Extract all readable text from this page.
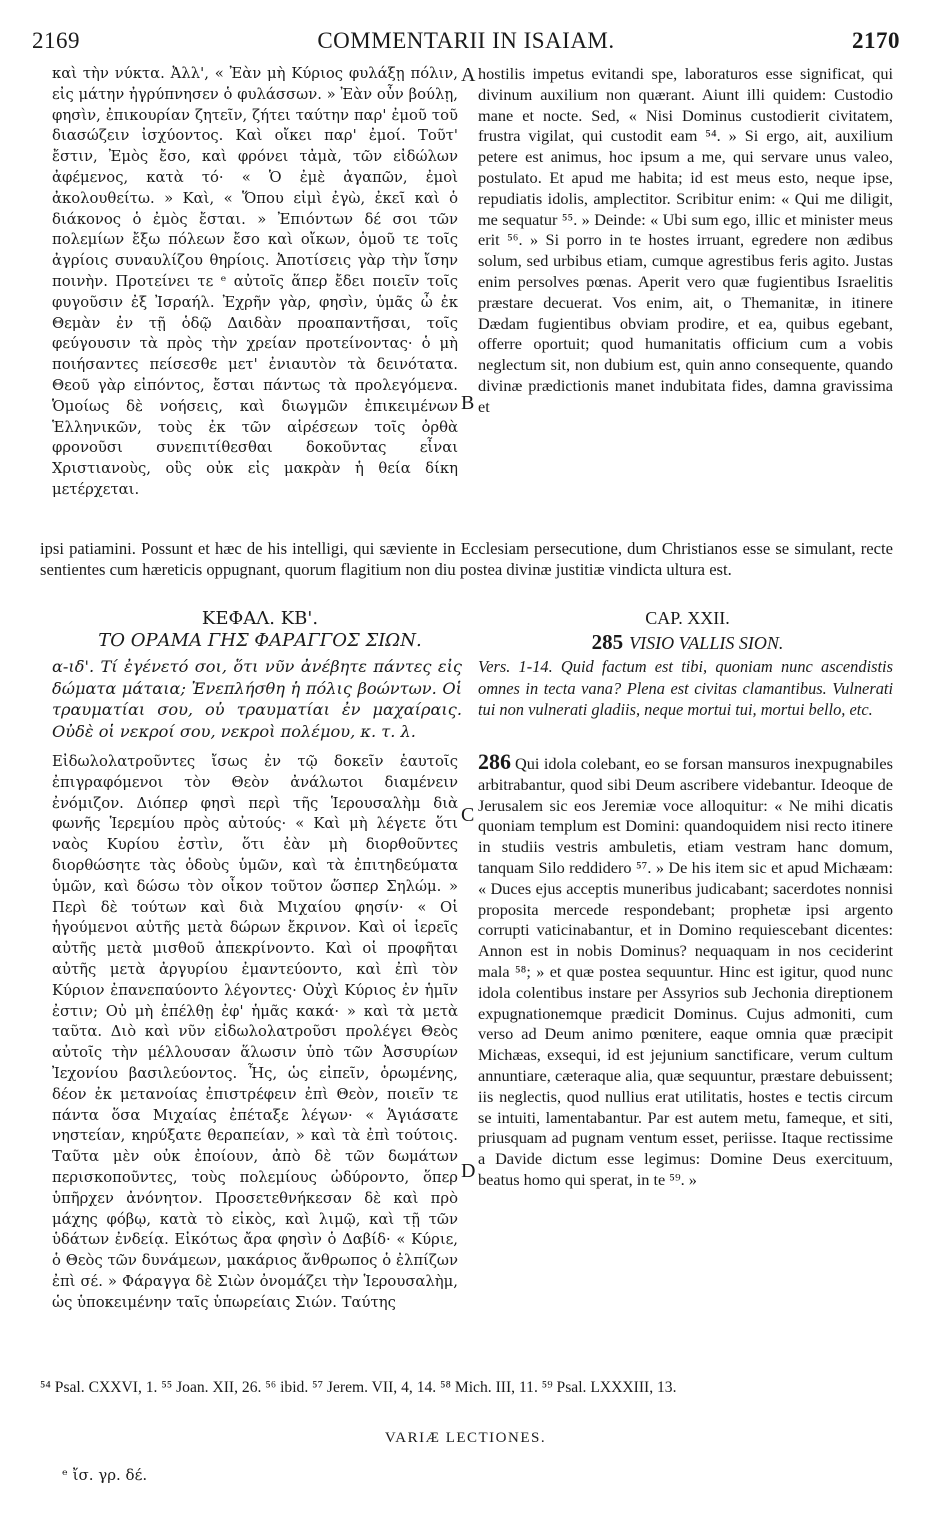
2169	COMMENTARII IN ISAIAM.	2170

καὶ τὴν νύκτα. Ἀλλ', « Ἐὰν μὴ Κύριος φυλάξῃ πόλιν, εἰς μάτην ἠγρύπνησεν ὁ φυλάσσων. » Ἐὰν οὖν βούλῃ, φησὶν, ἐπικουρίαν ζητεῖν, ζήτει ταύτην παρ' ἐμοῦ τοῦ διασώζειν ἰσχύοντος. Καὶ οἴκει παρ' ἐμοί. Τοῦτ' ἔστιν, Ἐμὸς ἔσο, καὶ φρόνει τἀμὰ, τῶν εἰδώλων ἀφέμενος, κατὰ τό· « Ὁ ἐμὲ ἀγαπῶν, ἐμοὶ ἀκολουθείτω. » Καὶ, « Ὅπου εἰμὶ ἐγὼ, ἐκεῖ καὶ ὁ διάκονος ὁ ἐμὸς ἔσται. » Ἐπιόντων δέ σοι τῶν πολεμίων ἔξω πόλεων ἔσο καὶ οἴκων, ὁμοῦ τε τοῖς ἀγρίοις συναυλίζου θηρίοις. Ἀποτίσεις γὰρ τὴν ἴσην ποινὴν. Προτείνει τε ᵉ αὐτοῖς ἅπερ ἔδει ποιεῖν τοῖς φυγοῦσιν ἐξ Ἰσραήλ. Ἐχρῆν γὰρ, φησὶν, ὑμᾶς ὦ ἐκ Θεμὰν ἐν τῇ ὁδῷ Δαιδὰν προαπαντῆσαι, τοῖς φεύγουσιν τὰ πρὸς τὴν χρείαν προτείνοντας· ὁ μὴ ποιήσαντες πείσεσθε μετ' ἐνιαυτὸν τὰ δεινότατα. Θεοῦ γὰρ εἰπόντος, ἔσται πάντως τὰ προλεγόμενα. Ὁμοίως δὲ νοήσεις, καὶ διωγμῶν ἐπικειμένων Ἑλληνικῶν, τοὺς ἐκ τῶν αἱρέσεων τοῖς ὀρθὰ φρονοῦσι συνεπιτίθεσθαι δοκοῦντας εἶναι Χριστιανοὺς, οὓς οὐκ εἰς μακρὰν ἡ θεία δίκη μετέρχεται.

hostilis impetus evitandi spe, laboraturos esse significat, qui divinum auxilium non quærant. Aiunt illi quidem: Custodio mane et nocte. Sed, « Nisi Dominus custodierit civitatem, frustra vigilat, qui custodit eam ⁵⁴. » Si ergo, ait, auxilium petere est animus, hoc ipsum a me, qui servare unus valeo, postulato. Et apud me habita; id est meus esto, neque ipse, repudiatis idolis, amplectitor. Scribitur enim: « Qui me diligit, me sequatur ⁵⁵. » Deinde: « Ubi sum ego, illic et minister meus erit ⁵⁶. » Si porro in te hostes irruant, egredere non ædibus solum, sed urbibus etiam, cumque agrestibus feris agito. Justas enim persolves pœnas. Aperit vero quæ fugientibus Israelitis præstare decuerat. Vos enim, ait, o Themanitæ, in itinere Dædam fugientibus obviam prodire, et ea, quibus egebant, offerre oportuit; quod humanitatis officium cum a vobis neglectum sit, non dubium est, quin anno consequente, quando divinæ prædictionis manet indubitata fides, damna gravissima et

ipsi patiamini. Possunt et hæc de his intelligi, qui sæviente in Ecclesiam persecutione, dum Christianos esse se simulant, recte sentientes cum hæreticis oppugnant, quorum flagitium non diu postea divinæ justitiæ vindicta ultura est.

A
B
C
D
ΚΕΦΑΛ. ΚΒ'.
ΤΟ ΟΡΑΜΑ ΓΗΣ ΦΑΡΑΓΓΟΣ ΣΙΩΝ.
CAP. XXII.
285 VISIO VALLIS SION.

α-ιδ'. Τί ἐγένετό σοι, ὅτι νῦν ἀνέβητε πάντες εἰς δώματα μάταια; Ἐνεπλήσθη ἡ πόλις βοώντων. Οἱ τραυματίαι σου, οὐ τραυματίαι ἐν μαχαίραις. Οὐδὲ οἱ νεκροί σου, νεκροὶ πολέμου, κ. τ. λ.

Vers. 1-14. Quid factum est tibi, quoniam nunc ascendistis omnes in tecta vana? Plena est civitas clamantibus. Vulnerati tui non vulnerati gladiis, neque mortui tui, mortui bello, etc.

Εἰδωλολατροῦντες ἴσως ἐν τῷ δοκεῖν ἑαυτοῖς ἐπιγραφόμενοι τὸν Θεὸν ἀνάλωτοι διαμένειν ἐνόμιζον. Διόπερ φησὶ περὶ τῆς Ἱερουσαλὴμ διὰ φωνῆς Ἱερεμίου πρὸς αὐτούς· « Καὶ μὴ λέγετε ὅτι ναὸς Κυρίου ἐστὶν, ὅτι ἐὰν μὴ διορθοῦντες διορθώσητε τὰς ὁδοὺς ὑμῶν, καὶ τὰ ἐπιτηδεύματα ὑμῶν, καὶ δώσω τὸν οἶκον τοῦτον ὥσπερ Σηλώμ. » Περὶ δὲ τούτων καὶ διὰ Μιχαίου φησίν· « Οἱ ἡγούμενοι αὐτῆς μετὰ δώρων ἔκρινον. Καὶ οἱ ἱερεῖς αὐτῆς μετὰ μισθοῦ ἀπεκρίνοντο. Καὶ οἱ προφῆται αὐτῆς μετὰ ἀργυρίου ἐμαντεύοντο, καὶ ἐπὶ τὸν Κύριον ἐπανεπαύοντο λέγοντες· Οὐχὶ Κύριος ἐν ἡμῖν ἐστιν; Οὐ μὴ ἐπέλθῃ ἐφ' ἡμᾶς κακά· » καὶ τὰ μετὰ ταῦτα. Διὸ καὶ νῦν εἰδωλολατροῦσι προλέγει Θεὸς αὐτοῖς τὴν μέλλουσαν ἅλωσιν ὑπὸ τῶν Ἀσσυρίων Ἰεχονίου βασιλεύοντος. Ἧς, ὡς εἰπεῖν, ὁρωμένης, δέον ἐκ μετανοίας ἐπιστρέφειν ἐπὶ Θεὸν, ποιεῖν τε πάντα ὅσα Μιχαίας ἐπέταξε λέγων· « Ἁγιάσατε νηστείαν, κηρύξατε θεραπείαν, » καὶ τὰ ἐπὶ τούτοις. Ταῦτα μὲν οὐκ ἐποίουν, ἀπὸ δὲ τῶν δωμάτων περισκοποῦντες, τοὺς πολεμίους ὠδύροντο, ὅπερ ὑπῆρχεν ἀνόνητον. Προσετεθνήκεσαν δὲ καὶ πρὸ μάχης φόβῳ, κατὰ τὸ εἰκὸς, καὶ λιμῷ, καὶ τῇ τῶν ὑδάτων ἐνδείᾳ. Εἰκότως ἄρα φησὶν ὁ Δαβίδ· « Κύριε, ὁ Θεὸς τῶν δυνάμεων, μακάριος ἄνθρωπος ὁ ἐλπίζων ἐπὶ σέ. » Φάραγγα δὲ Σιὼν ὀνομάζει τὴν Ἱερουσαλὴμ, ὡς ὑποκειμένην ταῖς ὑπωρείαις Σιών. Ταύτης

286 Qui idola colebant, eo se forsan mansuros inexpugnabiles arbitrabantur, quod sibi Deum ascribere videbantur. Ideoque de Jerusalem sic eos Jeremiæ voce alloquitur: « Ne mihi dicatis quoniam templum est Domini: quandoquidem nisi recto itinere in studiis vestris ambuletis, etiam vestram hanc domum, tanquam Silo reddidero ⁵⁷. » De his item sic et apud Michæam: « Duces ejus acceptis muneribus judicabant; sacerdotes nonnisi proposita mercede respondebant; prophetæ ipsi argento corrupti vaticinabantur, et in Domino requiescebant dicentes: Annon est in nobis Dominus? nequaquam in nos ceciderint mala ⁵⁸; » et quæ postea sequuntur. Hinc est igitur, quod nunc idola colentibus instare per Assyrios sub Jechonia direptionem expugnationemque prædicit Dominus. Cujus admoniti, cum verso ad Deum animo pœnitere, eaque omnia quæ præcipit Michæas, exsequi, id est jejunium sanctificare, verum cultum annuntiare, cæteraque alia, quæ sequuntur, præstare debuissent; iis neglectis, quod nullius erat utilitatis, hostes e tectis circum se intuiti, lamentabantur. Par est autem metu, fameque, et siti, priusquam ad pugnam ventum esset, periisse. Itaque rectissime a Davide dictum esse legimus: Domine Deus exercituum, beatus homo qui sperat, in te ⁵⁹. »

⁵⁴ Psal. CXXVI, 1. ⁵⁵ Joan. XII, 26. ⁵⁶ ibid. ⁵⁷ Jerem. VII, 4, 14. ⁵⁸ Mich. III, 11. ⁵⁹ Psal. LXXXIII, 13.

VARIÆ LECTIONES.
ᵉ ἴσ. γρ. δέ.
